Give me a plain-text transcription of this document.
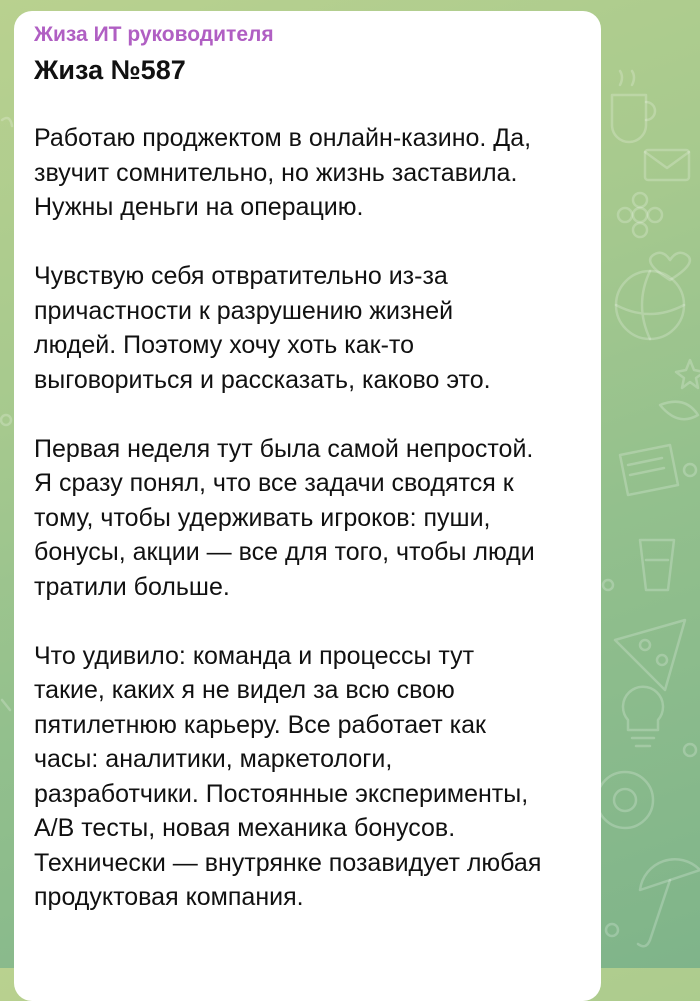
Жиза ИТ руководителя

Жиза №587

Работаю проджектом в онлайн-казино. Да,
звучит сомнительно, но жизнь заставила.
Нужны деньги на операцию.

Чувствую себя отвратительно из-за
причастности к разрушению жизней
людей. Поэтому хочу хоть как-то
выговориться и рассказать, каково это.

Первая неделя тут была самой непростой.
Я сразу понял, что все задачи сводятся к
тому, чтобы удерживать игроков: пуши,
бонусы, акции — все для того, чтобы люди
тратили больше.

Что удивило: команда и процессы тут
такие, каких я не видел за всю свою
пятилетнюю карьеру. Все работает как
часы: аналитики, маркетологи,
разработчики. Постоянные эксперименты,
A/B тесты, новая механика бонусов.
Технически — внутрянке позавидует любая
продуктовая компания.
